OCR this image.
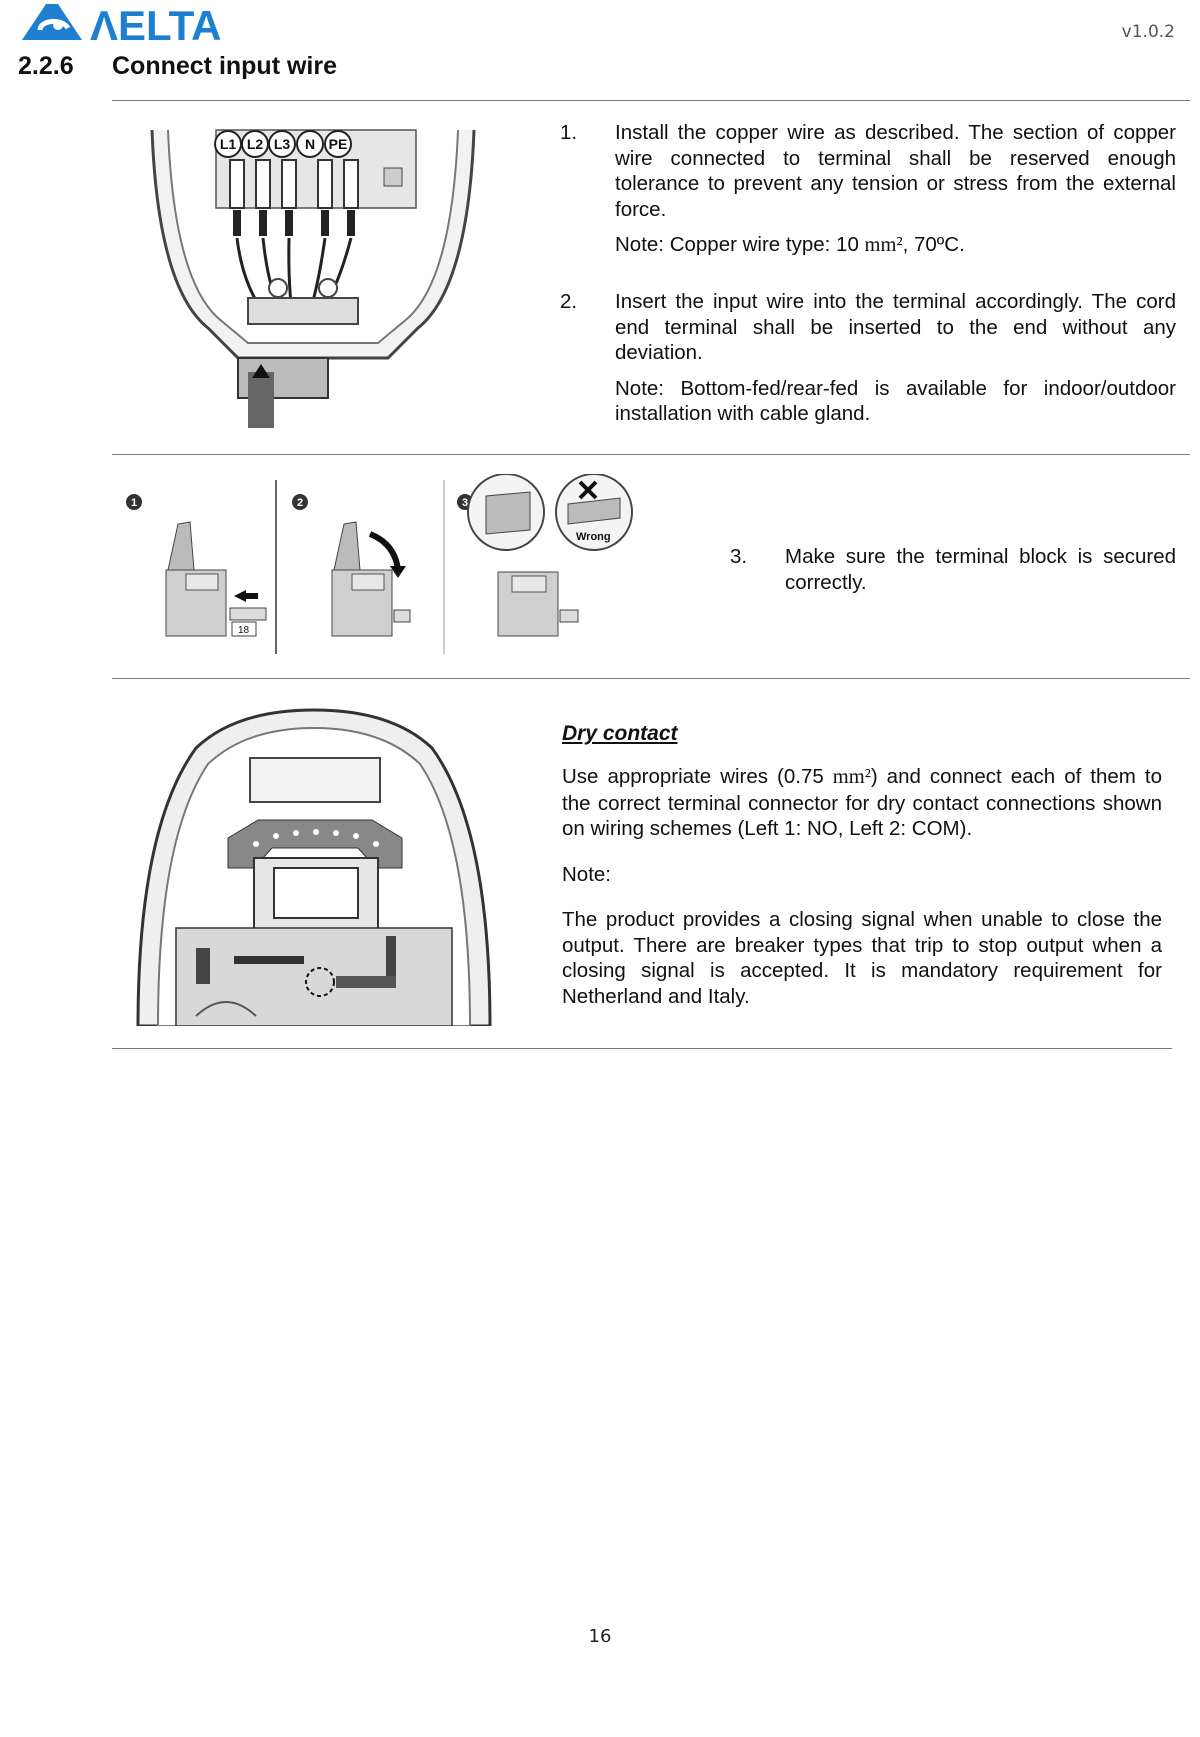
ΛELTA	v1.0.2
2.2.6 Connect input wire
L1 L2 L3 N PE	1. Install the copper wire as described. The section of copper wire connected to terminal shall be reserved enough tolerance to prevent any tension or stress from the external force.
Note: Copper wire type: 10 mm², 70ºC.
2. Insert the input wire into the terminal accordingly. The cord end terminal shall be inserted to the end without any deviation.
Note: Bottom-fed/rear-fed is available for indoor/outdoor installation with cable gland.
1	2	3
18
Wrong
3. Make sure the terminal block is secured correctly.
Dry contact
Use appropriate wires (0.75 mm²) and connect each of them to the correct terminal connector for dry contact connections shown on wiring schemes (Left 1: NO, Left 2: COM).
Note:
The product provides a closing signal when unable to close the output. There are breaker types that trip to stop output when a closing signal is accepted. It is mandatory requirement for Netherland and Italy.
16
